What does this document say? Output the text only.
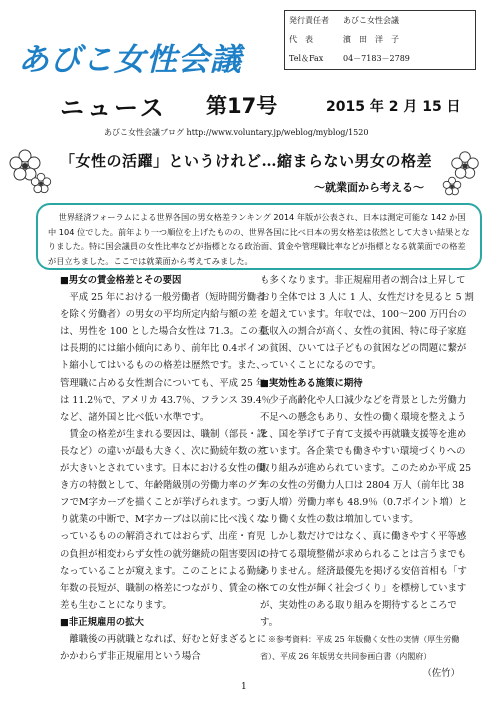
あびこ女性会議
発行責任者 あびこ女性会議
代　表	濱　田　洋　子
Tel＆Fax 04－7183－2789
ニュース 第17号	2015 年 2 月 15 日
あびこ女性会議ブログ http://www.voluntary.jp/weblog/myblog/1520
「女性の活躍」というけれど…縮まらない男女の格差
～就業面から考える～
世界経済フォーラムによる世界各国の男女格差ランキング 2014 年版が公表され、日本は測定可能な 142 か国中 104 位でした。前年より一つ順位を上げたものの、世界各国に比べ日本の男女格差は依然として大きい結果となりました。特に国会議員の女性比率などが指標となる政治面、賃金や管理職比率などが指標となる就業面での格差が目立ちました。ここでは就業面から考えてみました。
■男女の賃金格差とその要因

平成 25 年における一般労働者（短時間労働者を除く労働者）の男女の平均所定内給与額の差は、男性を 100 とした場合女性は 71.3。この差は長期的には縮小傾向にあり、前年比 0.4ポイント縮小してはいるものの格差は歴然です。また、管理職に占める女性割合についても、平成 25 年は 11.2％で、アメリカ 43.7％、フランス 39.4％など、諸外国と比べ低い水準です。

賃金の格差が生まれる要因は、職制（部長・課長など）の違いが最も大きく、次に勤続年数の差が大きいとされています。日本における女性の働き方の特徴として、年齢階級別の労働力率のグラフでM字カーブを描くことが挙げられます。つまり就業の中断で、M字カーブは以前に比べ浅くなっているものの解消されてはおらず、出産・育児の負担が相変わらず女性の就労継続の阻害要因になっていることが窺えます。このことによる勤続年数の長短が、職制の格差につながり、賃金の格差も生むことになります。

■非正規雇用の拡大

離職後の再就職となれば、好むと好まざるとにかかわらず非正規雇用という場合

も多くなります。非正規雇用者の割合は上昇しており全体では 3 人に 1 人、女性だけを見ると 5 割を超えています。年収では、100～200 万円台の低収入の割合が高く、女性の貧困、特に母子家庭の貧困、ひいては子どもの貧困などの問題に繋がっていくことになるのです。

■実効性ある施策に期待

少子高齢化や人口減少などを背景とした労働力不足への懸念もあり、女性の働く環境を整えようと、国を挙げて子育て支援や再就職支援等を進めています。各企業でも働きやすい環境づくりへの取り組みが進められています。このためか平成 25 年の女性の労働力人口は 2804 万人（前年比 38 万人増）労働力率も 48.9％（0.7ポイント増）となり働く女性の数は増加しています。

しかし数だけではなく、真に働きやすく平等感の持てる環境整備が求められることは言うまでもありません。経済最優先を掲げる安倍首相も「すべての女性が輝く社会づくり」を標榜していますが、実効性のある取り組みを期待するところです。

※参考資料：平成 25 年版働く女性の実情（厚生労働省）、平成 26 年版男女共同参画白書（内閣府）

（佐竹）

1
